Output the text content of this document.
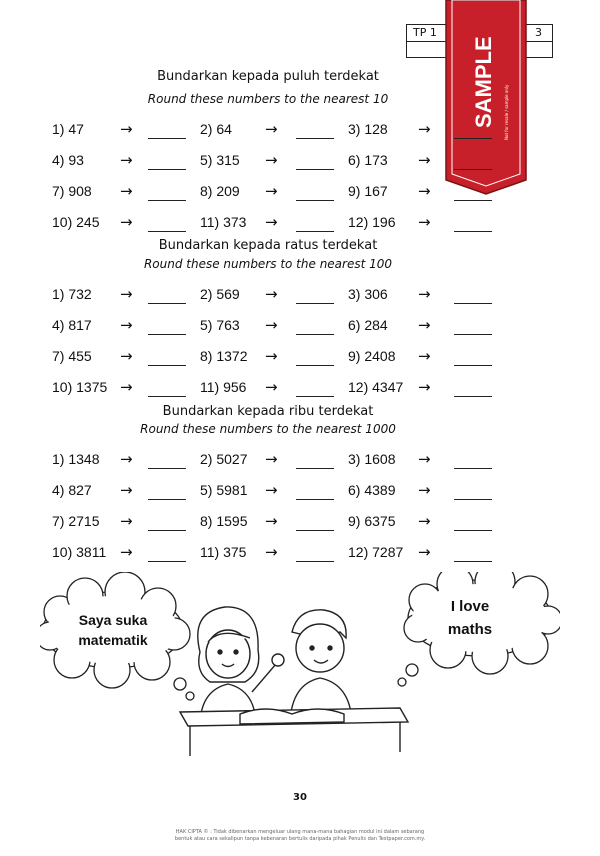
TP 1	3
SAMPLE Not for resale / sample only
Bundarkan kepada puluh terdekat
Round these numbers to the nearest 10
Bundarkan kepada ratus terdekat
Round these numbers to the nearest 100
Bundarkan kepada ribu terdekat
Round these numbers to the nearest 1000
1) 47 →	2) 64 →	3) 128 →
4) 93 →	5) 315 →	6) 173 →
7) 908 →	8) 209 →	9) 167 →
10) 245 →	11) 373 →	12) 196 →
1) 732 →	2) 569 →	3) 306 →
4) 817 →	5) 763 →	6) 284 →
7) 455 →	8) 1372 →	9) 2408 →
10) 1375 →	11) 956 →	12) 4347 →
1) 1348 →	2) 5027 →	3) 1608 →
4) 827 →	5) 5981 →	6) 4389 →
7) 2715 →	8) 1595 →	9) 6375 →
10) 3811 →	11) 375 →	12) 7287 →
Saya suka
matematik
I love
maths
30
HAK CIPTA © : Tidak dibenarkan mengeluar ulang mana-mana bahagian modul ini dalam sebarang
bentuk atau cara sekalipun tanpa kebenaran bertulis daripada pihak Penulis dan Testpaper.com.my.
